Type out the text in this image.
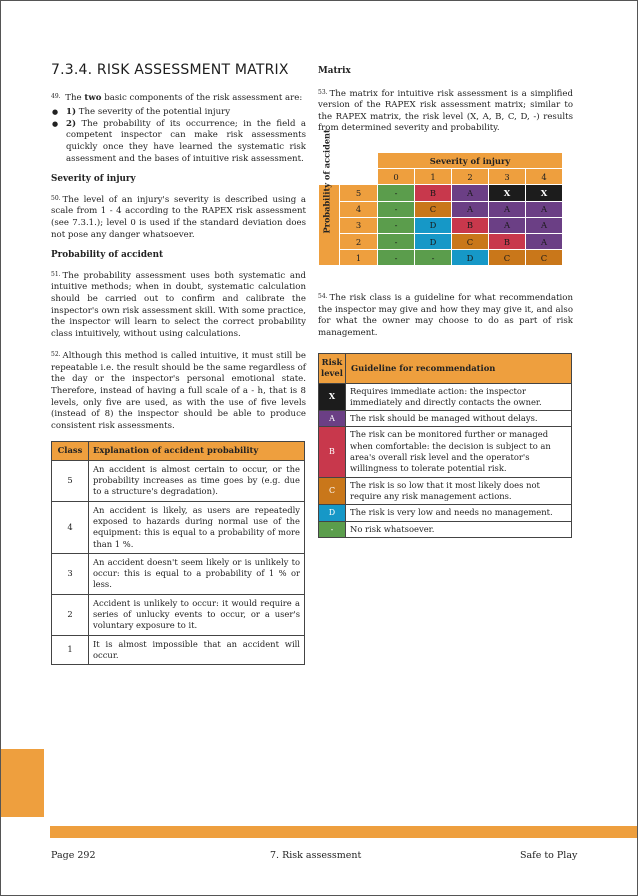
7.3.4. RISK ASSESSMENT MATRIX

$^{49.}$ The two basic components of the risk assessment are:

● 1) The severity of the potential injury
● 2) The probability of its occurrence; in the field a competent inspector can make risk assessments quickly once they have learned the systematic risk assessment and the bases of intuitive risk assessment.
Severity of injury

$^{50.}$ The level of an injury's severity is described using a scale from 1 - 4 according to the RAPEX risk assessment (see 7.3.1.); level 0 is used if the standard deviation does not pose any danger whatsoever.

Probability of accident

$^{51.}$ The probability assessment uses both systematic and intuitive methods; when in doubt, systematic calculation should be carried out to confirm and calibrate the inspector's own risk assessment skill. With some practice, the inspector will learn to select the correct probability class intuitively, without using calculations.

$^{52.}$ Although this method is called intuitive, it must still be repeatable i.e. the result should be the same regardless of the day or the inspector's personal emotional state. Therefore, instead of having a full scale of a - h, that is 8 levels, only five are used, as with the use of five levels (instead of 8) the inspector should be able to produce consistent risk assessments.

Class	Explanation of accident probability
5	An accident is almost certain to occur, or the probability increases as time goes by (e.g. due to a structure's degradation).
4	An accident is likely, as users are repeatedly exposed to hazards during normal use of the equipment: this is equal to a probability of more than 1 %.
3	An accident doesn't seem likely or is unlikely to occur: this is equal to a probability of 1 % or less.
2	Accident is unlikely to occur: it would require a series of unlucky events to occur, or a user's voluntary exposure to it.
1	It is almost impossible that an accident will occur.
Matrix

$^{53.}$ The matrix for intuitive risk assessment is a simplified version of the RAPEX risk assessment matrix; similar to the RAPEX matrix, the risk level (X, A, B, C, D, -) results from determined severity and probability.

		Severity of injury				
		0	1	2	3	4

Probability of accident	5	-	B	A	X	X
	4	-	C	A	A	A
	3	-	D	B	A	A
	2	-	D	C	B	A
	1	-	-	D	C	C

$^{54.}$ The risk class is a guideline for what recommendation the inspector may give and how they may give it, and also for what the owner may choose to do as part of risk management.

Risk level	Guideline for recommendation
X	Requires immediate action: the inspector immediately and directly contacts the owner.
A	The risk should be managed without delays.
B	The risk can be monitored further or managed when comfortable: the decision is subject to an area's overall risk level and the operator's willingness to tolerate potential risk.
C	The risk is so low that it most likely does not require any risk management actions.
D	The risk is very low and needs no management.
-	No risk whatsoever.
Page 292	7. Risk assessment	Safe to Play
